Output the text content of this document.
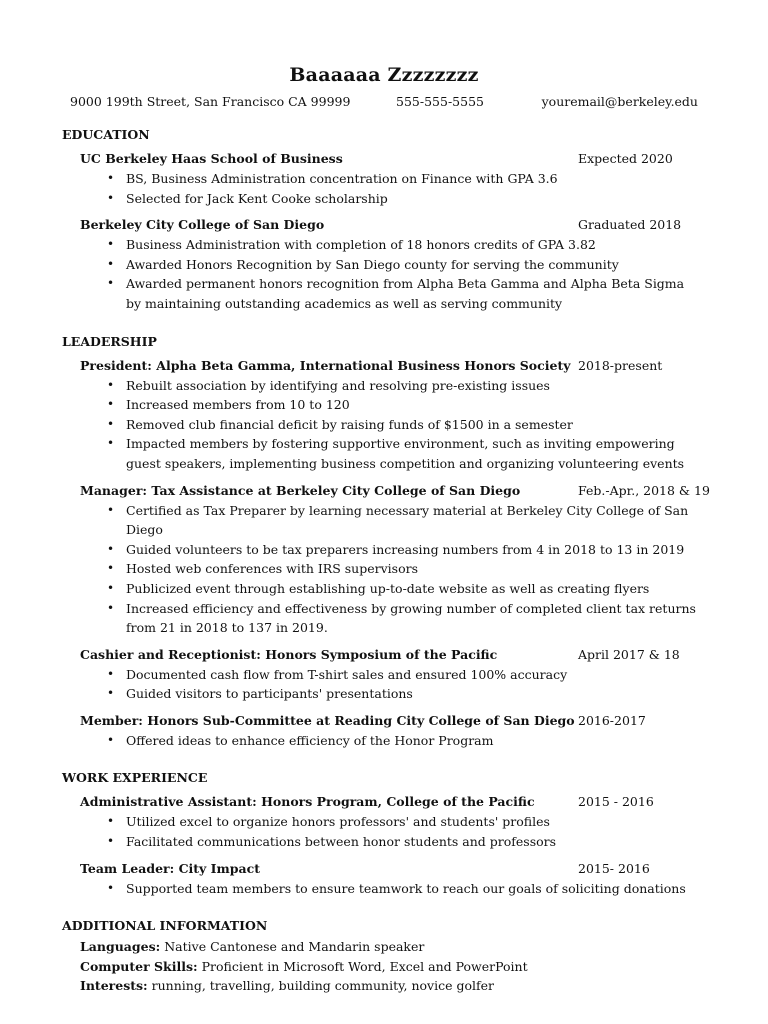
Baaaaaa Zzzzzzzz
9000 199th Street, San Francisco CA 99999	555-555-5555	youremail@berkeley.edu
EDUCATION
UC Berkeley Haas School of Business	Expected 2020
• BS, Business Administration concentration on Finance with GPA 3.6
• Selected for Jack Kent Cooke scholarship
Berkeley City College of San Diego	Graduated 2018
• Business Administration with completion of 18 honors credits of GPA 3.82
• Awarded Honors Recognition by San Diego county for serving the community
• Awarded permanent honors recognition from Alpha Beta Gamma and Alpha Beta Sigma by maintaining outstanding academics as well as serving community
LEADERSHIP
President: Alpha Beta Gamma, International Business Honors Society 2018-present
• Rebuilt association by identifying and resolving pre-existing issues
• Increased members from 10 to 120
• Removed club financial deficit by raising funds of $1500 in a semester
• Impacted members by fostering supportive environment, such as inviting empowering guest speakers, implementing business competition and organizing volunteering events
Manager: Tax Assistance at Berkeley City College of San Diego	Feb.-Apr., 2018 & 19
• Certified as Tax Preparer by learning necessary material at Berkeley City College of San Diego
• Guided volunteers to be tax preparers increasing numbers from 4 in 2018 to 13 in 2019
• Hosted web conferences with IRS supervisors
• Publicized event through establishing up-to-date website as well as creating flyers
• Increased efficiency and effectiveness by growing number of completed client tax returns from 21 in 2018 to 137 in 2019.
Cashier and Receptionist: Honors Symposium of the Pacific	April 2017 & 18
• Documented cash flow from T-shirt sales and ensured 100% accuracy
• Guided visitors to participants' presentations
Member: Honors Sub-Committee at Reading City College of San Diego 2016-2017
• Offered ideas to enhance efficiency of the Honor Program
WORK EXPERIENCE
Administrative Assistant: Honors Program, College of the Pacific	2015 - 2016
• Utilized excel to organize honors professors' and students' profiles
• Facilitated communications between honor students and professors
Team Leader: City Impact	2015- 2016
• Supported team members to ensure teamwork to reach our goals of soliciting donations
ADDITIONAL INFORMATION
Languages: Native Cantonese and Mandarin speaker
Computer Skills: Proficient in Microsoft Word, Excel and PowerPoint
Interests: running, travelling, building community, novice golfer
